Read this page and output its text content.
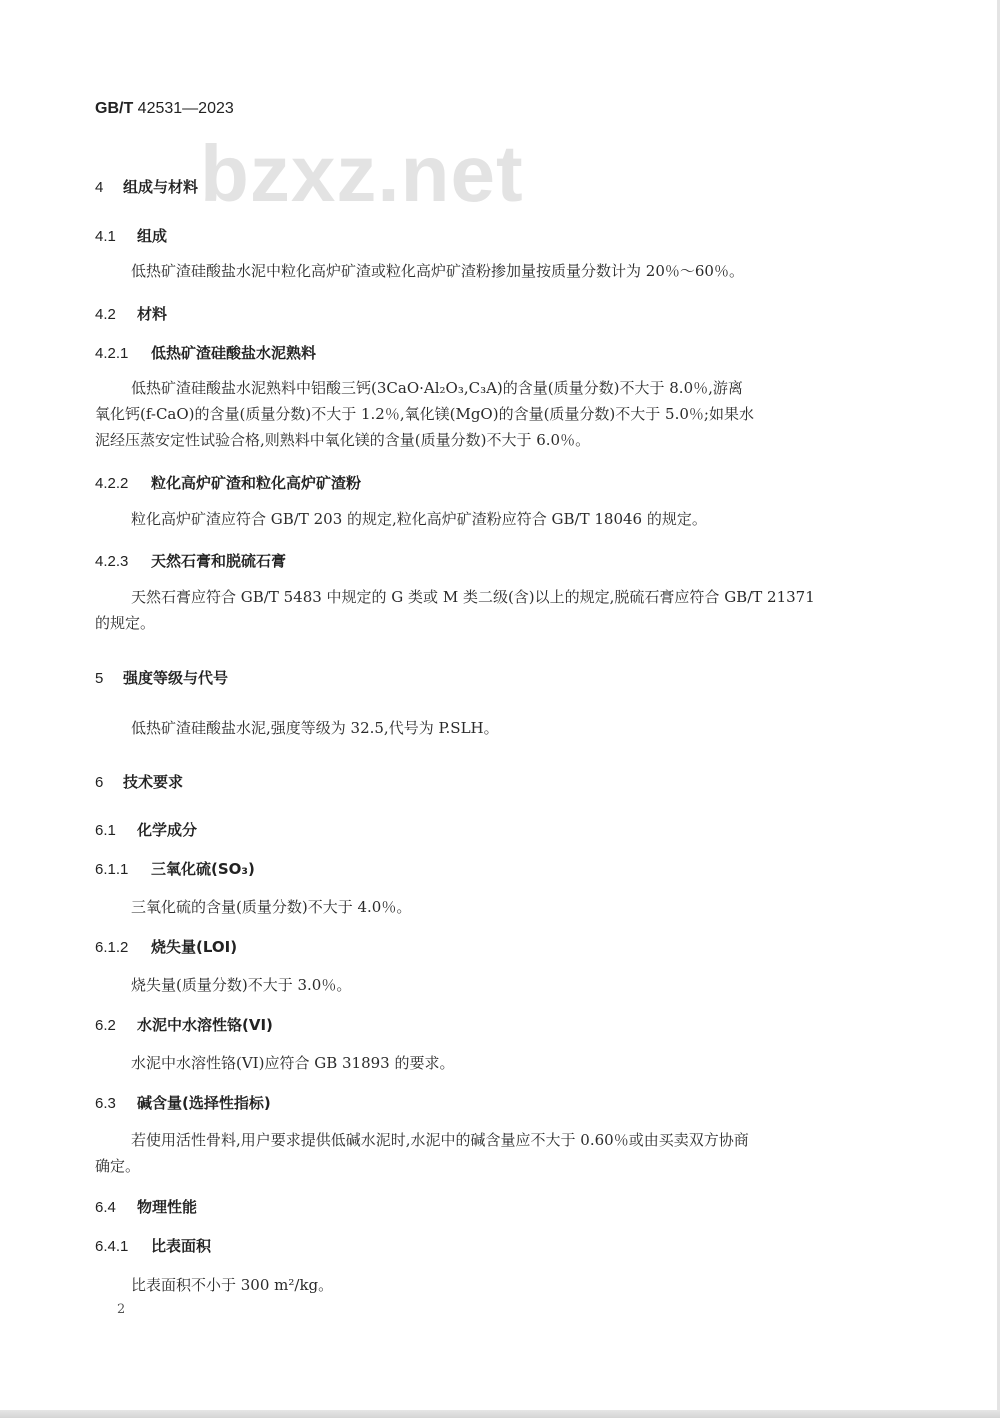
bzxz.net
GB/T 42531—2023
4 组成与材料
4.1 组成
低热矿渣硅酸盐水泥中粒化高炉矿渣或粒化高炉矿渣粉掺加量按质量分数计为 20％～60％。
4.2 材料
4.2.1 低热矿渣硅酸盐水泥熟料
低热矿渣硅酸盐水泥熟料中铝酸三钙(3CaO·Al₂O₃,C₃A)的含量(质量分数)不大于 8.0％,游离
氧化钙(f-CaO)的含量(质量分数)不大于 1.2％,氧化镁(MgO)的含量(质量分数)不大于 5.0％;如果水
泥经压蒸安定性试验合格,则熟料中氧化镁的含量(质量分数)不大于 6.0％。
4.2.2 粒化高炉矿渣和粒化高炉矿渣粉
粒化高炉矿渣应符合 GB/T 203 的规定,粒化高炉矿渣粉应符合 GB/T 18046 的规定。
4.2.3 天然石膏和脱硫石膏
天然石膏应符合 GB/T 5483 中规定的 G 类或 M 类二级(含)以上的规定,脱硫石膏应符合 GB/T 21371
的规定。
5 强度等级与代号
低热矿渣硅酸盐水泥,强度等级为 32.5,代号为 P.SLH。
6 技术要求
6.1 化学成分
6.1.1 三氧化硫(SO₃)
三氧化硫的含量(质量分数)不大于 4.0％。
6.1.2 烧失量(LOI)
烧失量(质量分数)不大于 3.0％。
6.2 水泥中水溶性铬(VI)
水泥中水溶性铬(VI)应符合 GB 31893 的要求。
6.3 碱含量(选择性指标)
若使用活性骨料,用户要求提供低碱水泥时,水泥中的碱含量应不大于 0.60％或由买卖双方协商
确定。
6.4 物理性能
6.4.1 比表面积
比表面积不小于 300 m²/kg。
2
